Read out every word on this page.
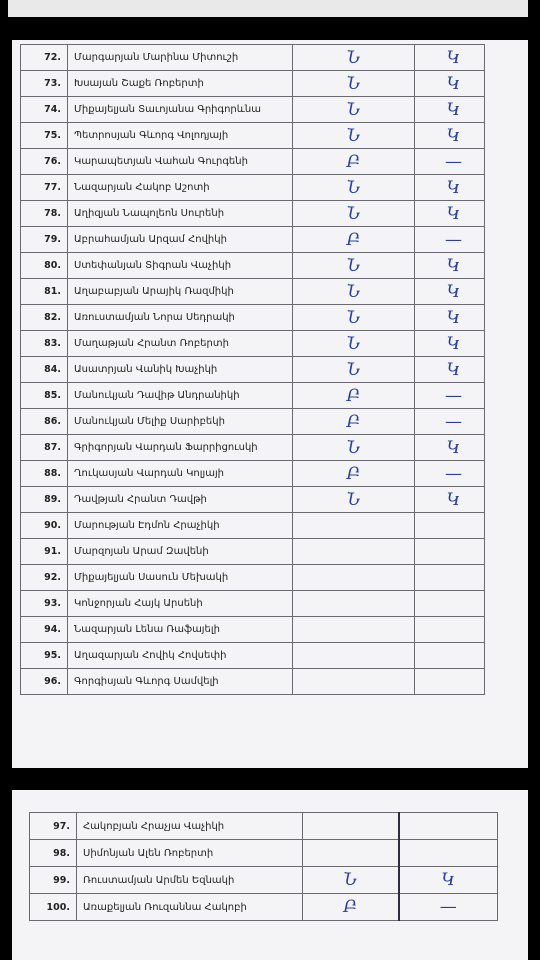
72.	Մարգարյան Մարինա Միտուշի	Ն	Կ
73.	Խսայան Շաքե Ռոբերտի	Ն	Կ
74.	Միքայելյան Տաւոյանա Գրիգորևնա	Ն	Կ
75.	Պետրոսյան Գևորգ Վոլոդյայի	Ն	Կ
76.	Կարապետյան Վահան Գուրգենի	Բ	—
77.	Նազարյան Հակոբ Աշոտի	Ն	Կ
78.	Աղիզյան Նապոլեոն Սուրենի	Ն	Կ
79.	Աբրահամյան Արզամ Հովիկի	Բ	—
80.	Ստեփանյան Տիգրան Վաչիկի	Ն	Կ
81.	Աղաբաբյան Արայիկ Ռազմիկի	Ն	Կ
82.	Առուստամյան Նորա Սեդրակի	Ն	Կ
83.	Մաղաթյան Հրանտ Ռոբերտի	Ն	Կ
84.	Ասատրյան Վանիկ Խաչիկի	Ն	Կ
85.	Մանուկյան Դավիթ Անդրանիկի	Բ	—
86.	Մանուկյան Մելիք Սարիբեկի	Բ	—
87.	Գրիգորյան Վարդան Ֆարրիցուսկի	Ն	Կ
88.	Ղուկասյան Վարդան Կոլյայի	Բ	—
89.	Դավթյան Հրանտ Դավթի	Ն	Կ
90.	Մարության Էդմոն Հրաչիկի		
91.	Մարզոյան Արամ Զավենի		
92.	Միքայելյան Սասուն Մեխակի		
93.	Կոնջորյան Հայկ Արսենի		
94.	Նազարյան Լենա Ռաֆայելի		
95.	Աղազարյան Հովիկ Հովսեփի		
96.	Գորգիսյան Գևորգ Սամվելի		
97.	Հակոբյան Հրաչյա Վաչիկի		
98.	Սիմոնյան Ալեն Ռոբերտի		
99.	Ռուստամյան Արմեն Եզնակի	Ն	Կ
100.	Առաքելյան Ռուզաննա Հակոբի	Բ	—
